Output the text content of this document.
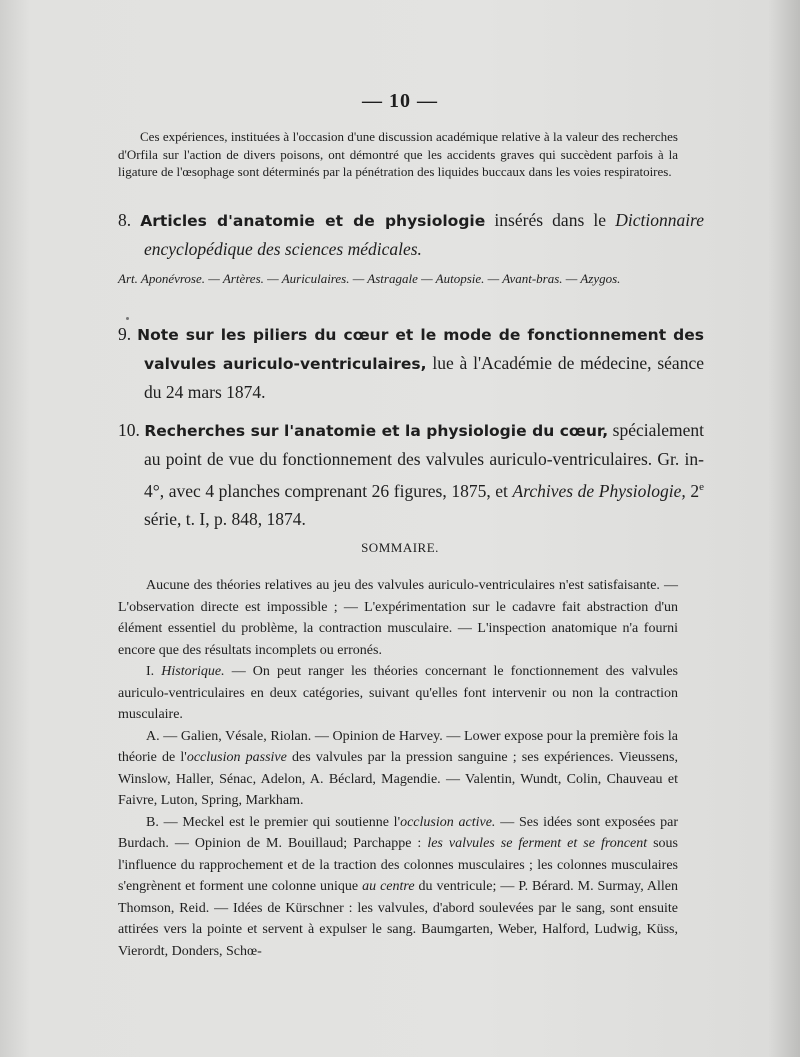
— 10 —
Ces expériences, instituées à l'occasion d'une discussion académique relative à la valeur des recherches d'Orfila sur l'action de divers poisons, ont démontré que les accidents graves qui succèdent parfois à la ligature de l'œsophage sont déterminés par la pénétration des liquides buccaux dans les voies respiratoires.
8. Articles d'anatomie et de physiologie insérés dans le Dictionnaire encyclopédique des sciences médicales.
Art. Aponévrose. — Artères. — Auriculaires. — Astragale — Autopsie. — Avant-bras. — Azygos.
9. Note sur les piliers du cœur et le mode de fonctionnement des valvules auriculo-ventriculaires, lue à l'Académie de médecine, séance du 24 mars 1874.
10. Recherches sur l'anatomie et la physiologie du cœur, spécialement au point de vue du fonctionnement des valvules auriculo-ventriculaires. Gr. in-4°, avec 4 planches comprenant 26 figures, 1875, et Archives de Physiologie, 2e série, t. I, p. 848, 1874.
SOMMAIRE.

Aucune des théories relatives au jeu des valvules auriculo-ventriculaires n'est satisfaisante. — L'observation directe est impossible ; — L'expérimentation sur le cadavre fait abstraction d'un élément essentiel du problème, la contraction musculaire. — L'inspection anatomique n'a fourni encore que des résultats incomplets ou erronés.

I. Historique. — On peut ranger les théories concernant le fonctionnement des valvules auriculo-ventriculaires en deux catégories, suivant qu'elles font intervenir ou non la contraction musculaire.

A. — Galien, Vésale, Riolan. — Opinion de Harvey. — Lower expose pour la première fois la théorie de l'occlusion passive des valvules par la pression sanguine ; ses expériences. Vieussens, Winslow, Haller, Sénac, Adelon, A. Béclard, Magendie. — Valentin, Wundt, Colin, Chauveau et Faivre, Luton, Spring, Markham.

B. — Meckel est le premier qui soutienne l'occlusion active. — Ses idées sont exposées par Burdach. — Opinion de M. Bouillaud; Parchappe : les valvules se ferment et se froncent sous l'influence du rapprochement et de la traction des colonnes musculaires ; les colonnes musculaires s'engrènent et forment une colonne unique au centre du ventricule; — P. Bérard. M. Surmay, Allen Thomson, Reid. — Idées de Kürschner : les valvules, d'abord soulevées par le sang, sont ensuite attirées vers la pointe et servent à expulser le sang. Baumgarten, Weber, Halford, Ludwig, Küss, Vierordt, Donders, Schœ-
